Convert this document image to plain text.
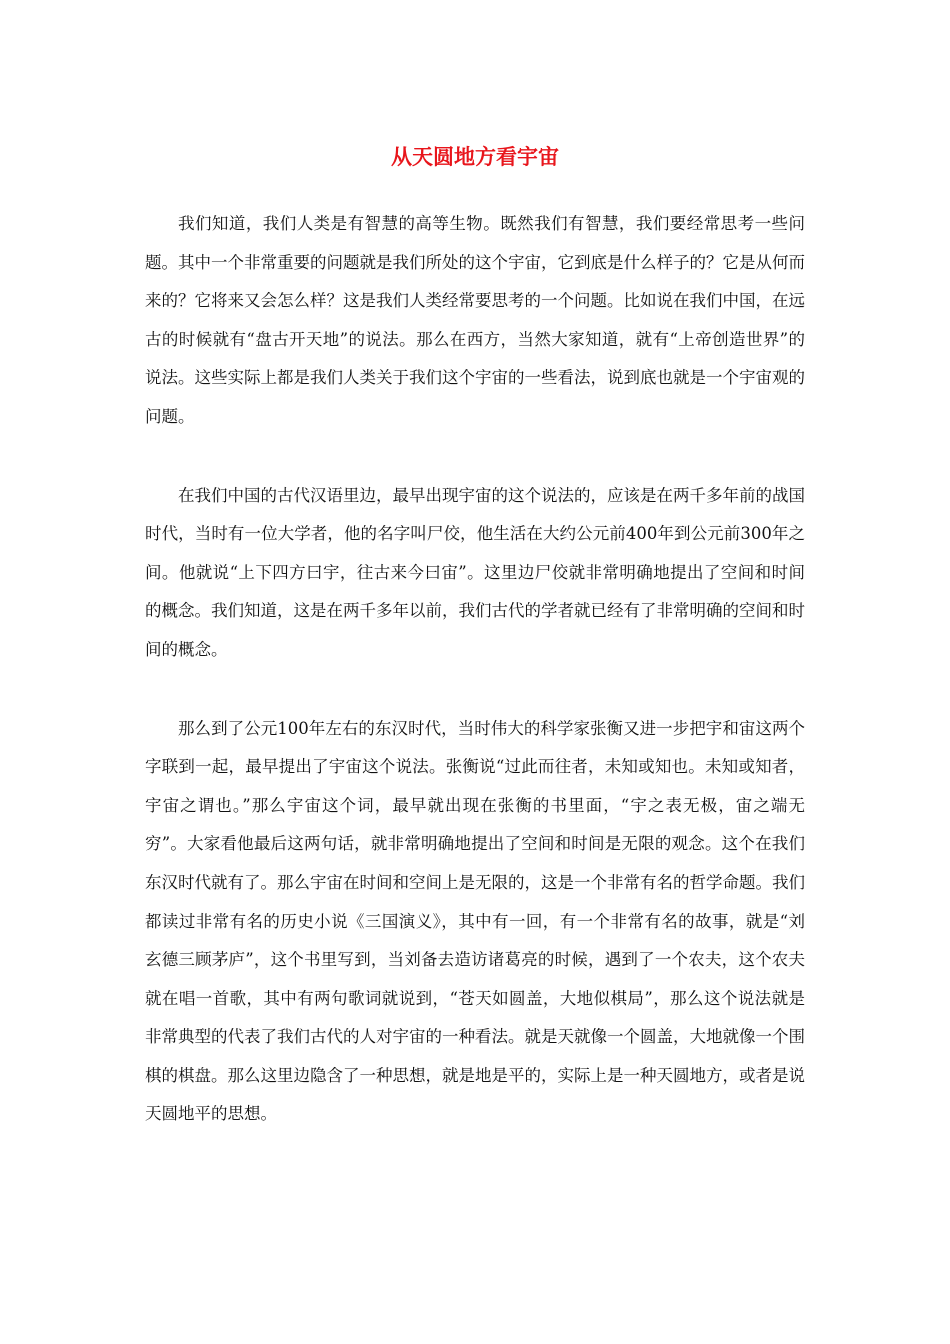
从天圆地方看宇宙

我们知道，我们人类是有智慧的高等生物。既然我们有智慧，我们要经常思考一些问题。其中一个非常重要的问题就是我们所处的这个宇宙，它到底是什么样子的？它是从何而来的？它将来又会怎么样？这是我们人类经常要思考的一个问题。比如说在我们中国，在远古的时候就有“盘古开天地”的说法。那么在西方，当然大家知道，就有“上帝创造世界”的说法。这些实际上都是我们人类关于我们这个宇宙的一些看法，说到底也就是一个宇宙观的问题。

在我们中国的古代汉语里边，最早出现宇宙的这个说法的，应该是在两千多年前的战国时代，当时有一位大学者，他的名字叫尸佼，他生活在大约公元前400年到公元前300年之间。他就说“上下四方曰宇，往古来今曰宙”。这里边尸佼就非常明确地提出了空间和时间的概念。我们知道，这是在两千多年以前，我们古代的学者就已经有了非常明确的空间和时间的概念。

那么到了公元100年左右的东汉时代，当时伟大的科学家张衡又进一步把宇和宙这两个字联到一起，最早提出了宇宙这个说法。张衡说“过此而往者，未知或知也。未知或知者，宇宙之谓也。”那么宇宙这个词，最早就出现在张衡的书里面，“宇之表无极，宙之端无穷”。大家看他最后这两句话，就非常明确地提出了空间和时间是无限的观念。这个在我们东汉时代就有了。那么宇宙在时间和空间上是无限的，这是一个非常有名的哲学命题。我们都读过非常有名的历史小说《三国演义》，其中有一回，有一个非常有名的故事，就是“刘玄德三顾茅庐”，这个书里写到，当刘备去造访诸葛亮的时候，遇到了一个农夫，这个农夫就在唱一首歌，其中有两句歌词就说到，“苍天如圆盖，大地似棋局”，那么这个说法就是非常典型的代表了我们古代的人对宇宙的一种看法。就是天就像一个圆盖，大地就像一个围棋的棋盘。那么这里边隐含了一种思想，就是地是平的，实际上是一种天圆地方，或者是说天圆地平的思想。
